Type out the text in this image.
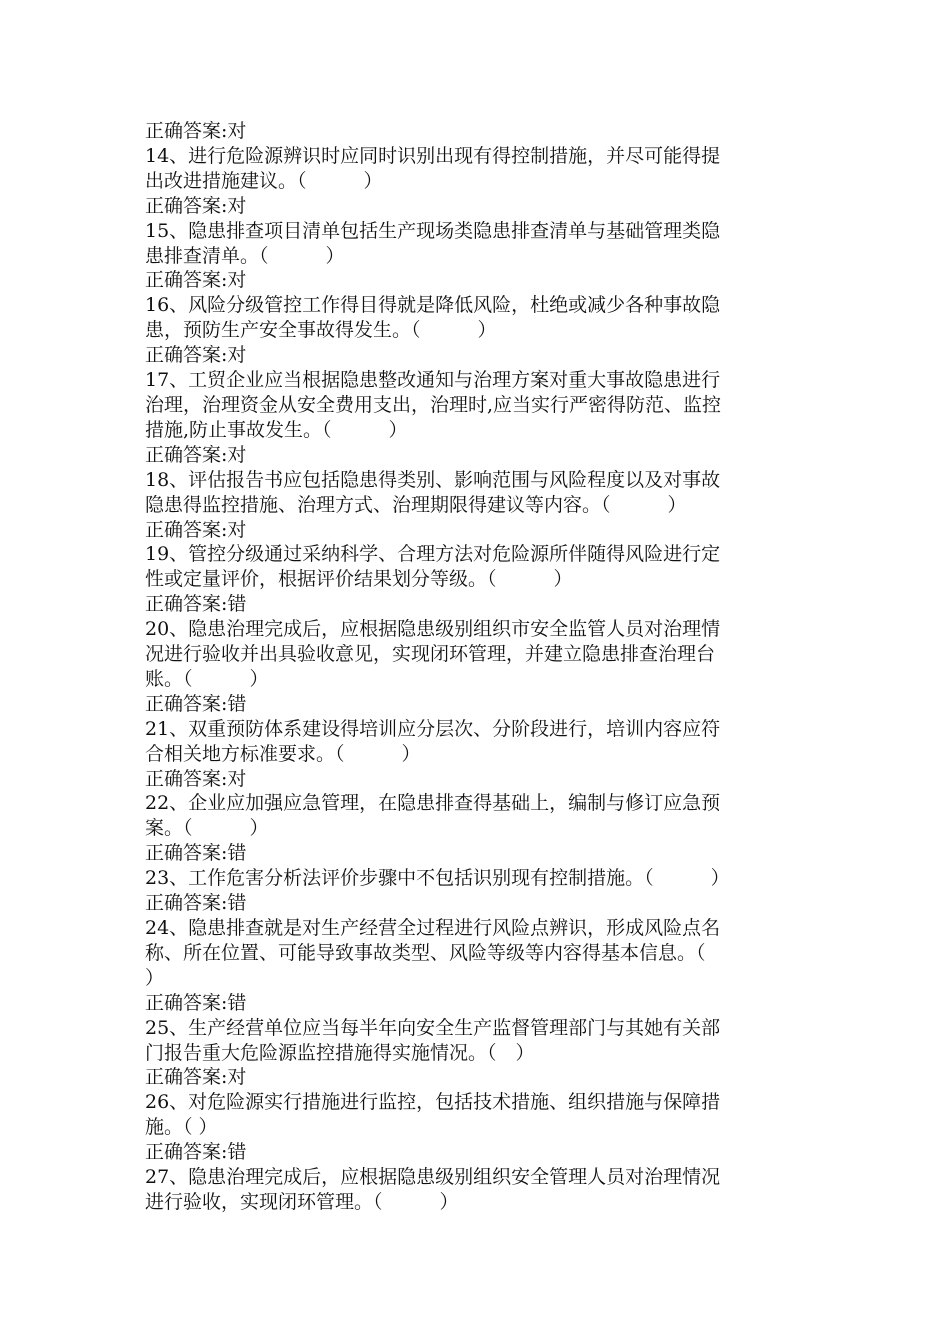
正确答案:对
14、进行危险源辨识时应同时识别出现有得控制措施，并尽可能得提
出改进措施建议。（　　　）
正确答案:对
15、隐患排查项目清单包括生产现场类隐患排查清单与基础管理类隐
患排查清单。（　　　）
正确答案:对
16、风险分级管控工作得目得就是降低风险，杜绝或减少各种事故隐
患，预防生产安全事故得发生。（　　　）
正确答案:对
17、工贸企业应当根据隐患整改通知与治理方案对重大事故隐患进行
治理，治理资金从安全费用支出，治理时,应当实行严密得防范、监控
措施,防止事故发生。（　　　）
正确答案:对
18、评估报告书应包括隐患得类别、影响范围与风险程度以及对事故
隐患得监控措施、治理方式、治理期限得建议等内容。（　　　）
正确答案:对
19、管控分级通过采纳科学、合理方法对危险源所伴随得风险进行定
性或定量评价，根据评价结果划分等级。（　　　）
正确答案:错
20、隐患治理完成后，应根据隐患级别组织市安全监管人员对治理情
况进行验收并出具验收意见，实现闭环管理，并建立隐患排查治理台
账。（　　　）
正确答案:错
21、双重预防体系建设得培训应分层次、分阶段进行，培训内容应符
合相关地方标准要求。（　　　）
正确答案:对
22、企业应加强应急管理，在隐患排查得基础上，编制与修订应急预
案。（　　　）
正确答案:错
23、工作危害分析法评价步骤中不包括识别现有控制措施。（　　　）
正确答案:错
24、隐患排查就是对生产经营全过程进行风险点辨识，形成风险点名
称、所在位置、可能导致事故类型、风险等级等内容得基本信息。（
）
正确答案:错
25、生产经营单位应当每半年向安全生产监督管理部门与其她有关部
门报告重大危险源监控措施得实施情况。（　）
正确答案:对
26、对危险源实行措施进行监控，包括技术措施、组织措施与保障措
施。（ ）
正确答案:错
27、隐患治理完成后，应根据隐患级别组织安全管理人员对治理情况
进行验收，实现闭环管理。（　　　）
